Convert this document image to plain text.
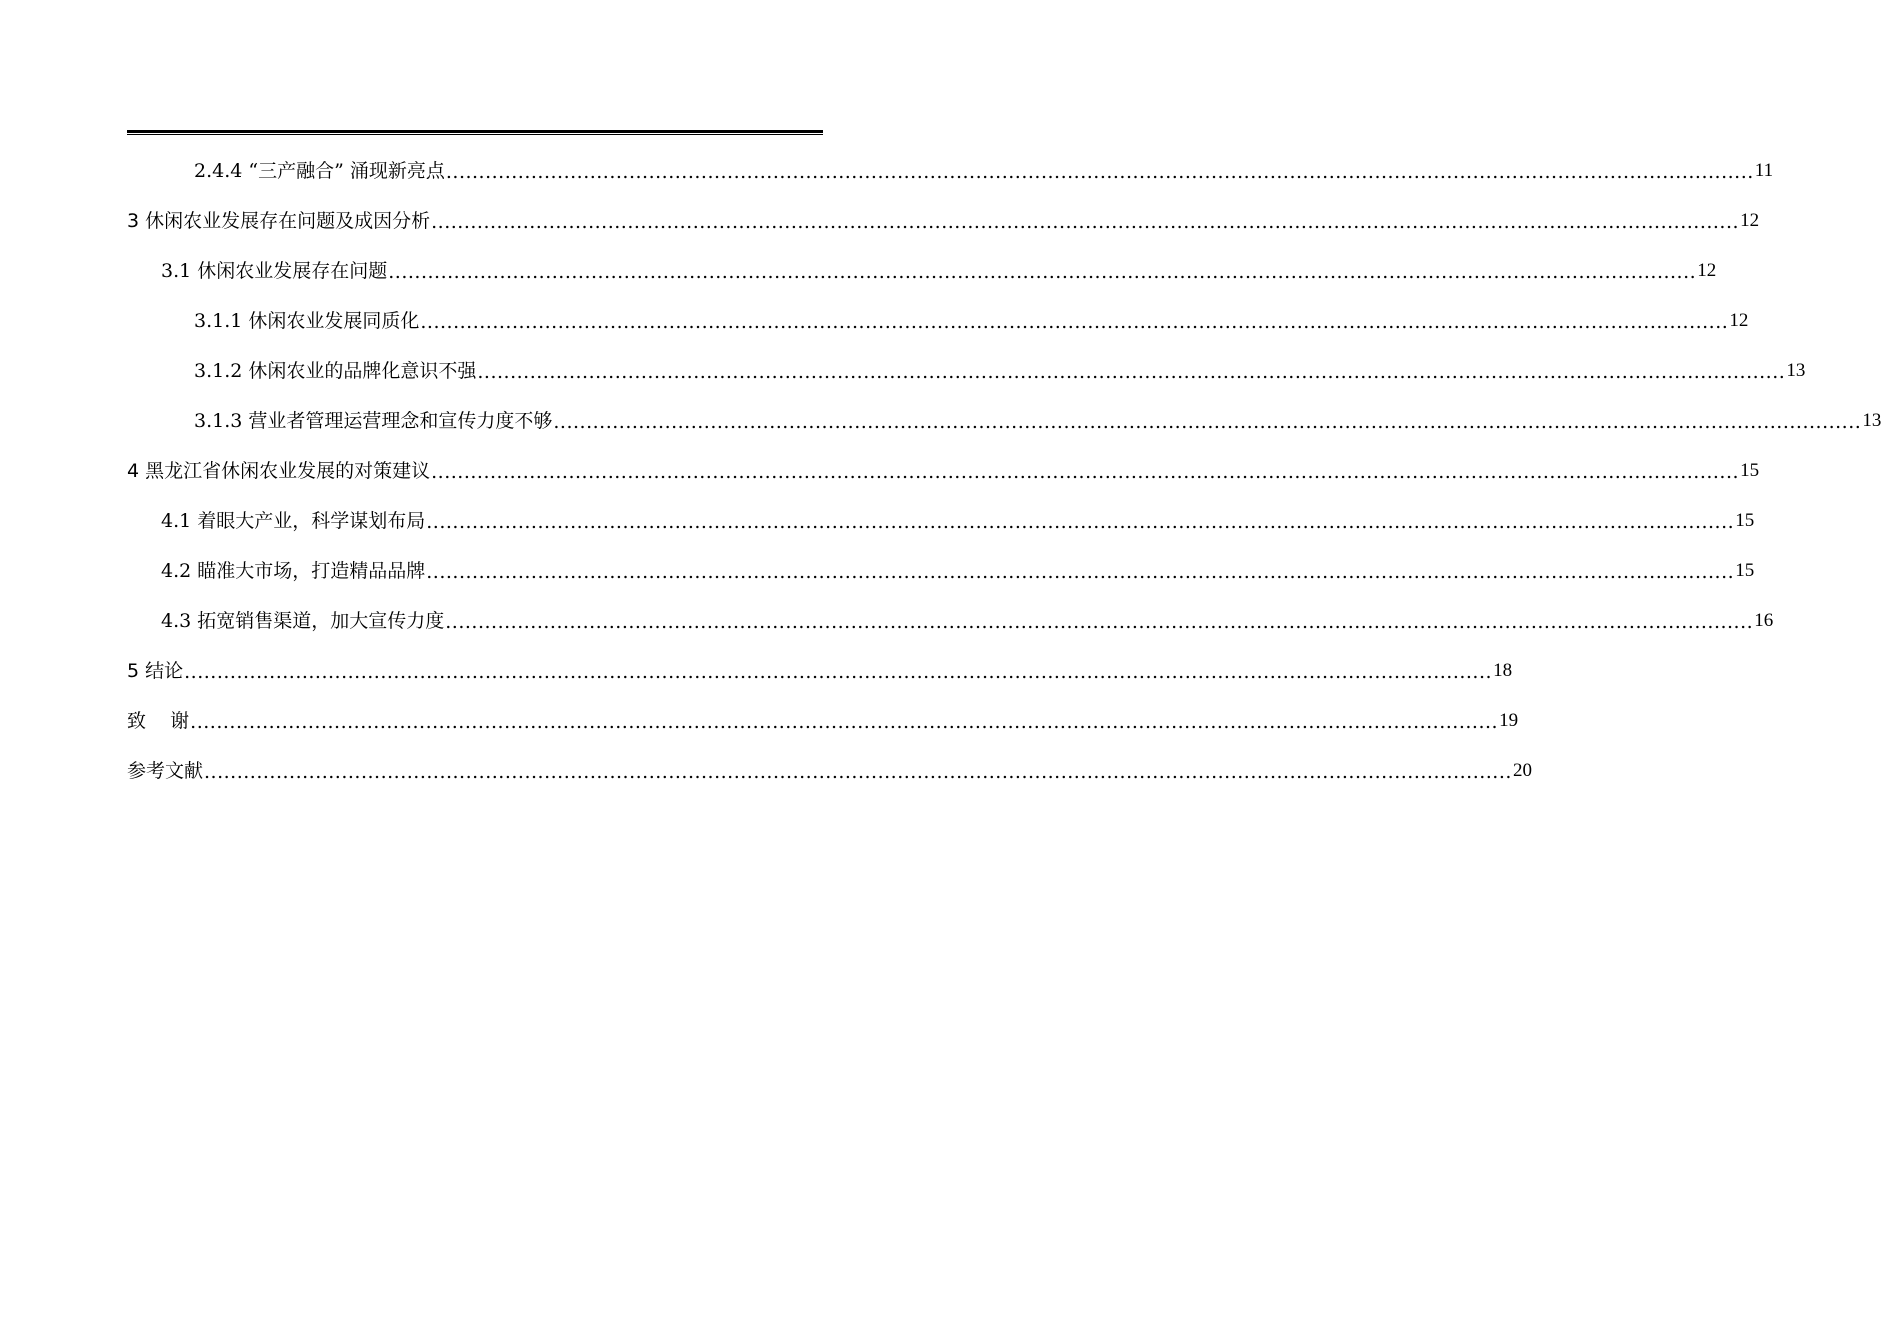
2.4.4 “三产融合” 涌现新亮点 ........................................................................................................................................................................................................ 11
3 休闲农业发展存在问题及成因分析 ........................................................................................................................................................................................................ 12
3.1 休闲农业发展存在问题 ........................................................................................................................................................................................................ 12
3.1.1 休闲农业发展同质化 ........................................................................................................................................................................................................ 12
3.1.2 休闲农业的品牌化意识不强 ........................................................................................................................................................................................................ 13
3.1.3 营业者管理运营理念和宣传力度不够 ........................................................................................................................................................................................................ 13
4 黑龙江省休闲农业发展的对策建议 ........................................................................................................................................................................................................ 15
4.1 着眼大产业，科学谋划布局 ........................................................................................................................................................................................................ 15
4.2 瞄准大市场，打造精品品牌 ........................................................................................................................................................................................................ 15
4.3 拓宽销售渠道，加大宣传力度 ........................................................................................................................................................................................................ 16
5 结论 ........................................................................................................................................................................................................ 18
致    谢 ........................................................................................................................................................................................................ 19
参考文献 ........................................................................................................................................................................................................ 20
